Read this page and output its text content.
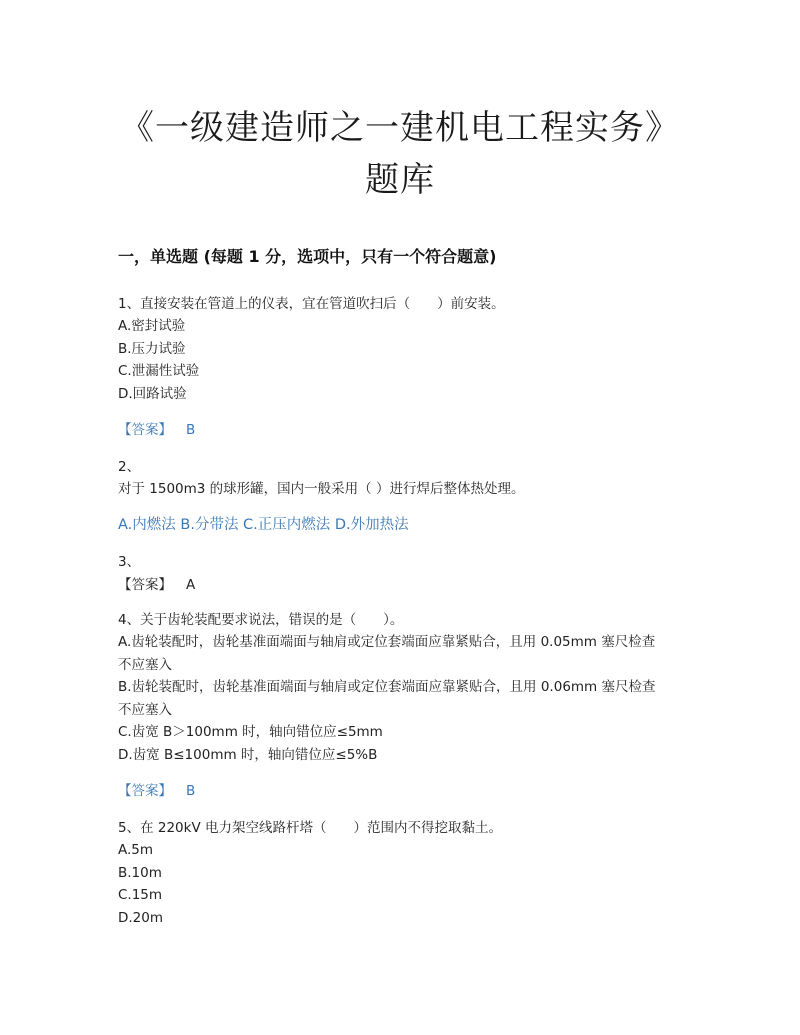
《一级建造师之一建机电工程实务》
题库
一，单选题 (每题 1 分，选项中，只有一个符合题意)
1、直接安装在管道上的仪表，宜在管道吹扫后（　　）前安装。
A.密封试验
B.压力试验
C.泄漏性试验
D.回路试验
【答案】 B
2、
对于 1500m3 的球形罐，国内一般采用（ ）进行焊后整体热处理。
A.内燃法 B.分带法 C.正压内燃法 D.外加热法
3、
【答案】 A
4、关于齿轮装配要求说法，错误的是（　　）。
A.齿轮装配时，齿轮基准面端面与轴肩或定位套端面应靠紧贴合，且用 0.05mm 塞尺检查
不应塞入
B.齿轮装配时，齿轮基准面端面与轴肩或定位套端面应靠紧贴合，且用 0.06mm 塞尺检查
不应塞入
C.齿宽 B＞100mm 时，轴向错位应≤5mm
D.齿宽 B≤100mm 时，轴向错位应≤5%B
【答案】 B
5、在 220kV 电力架空线路杆塔（　　）范围内不得挖取黏土。
A.5m
B.10m
C.15m
D.20m
